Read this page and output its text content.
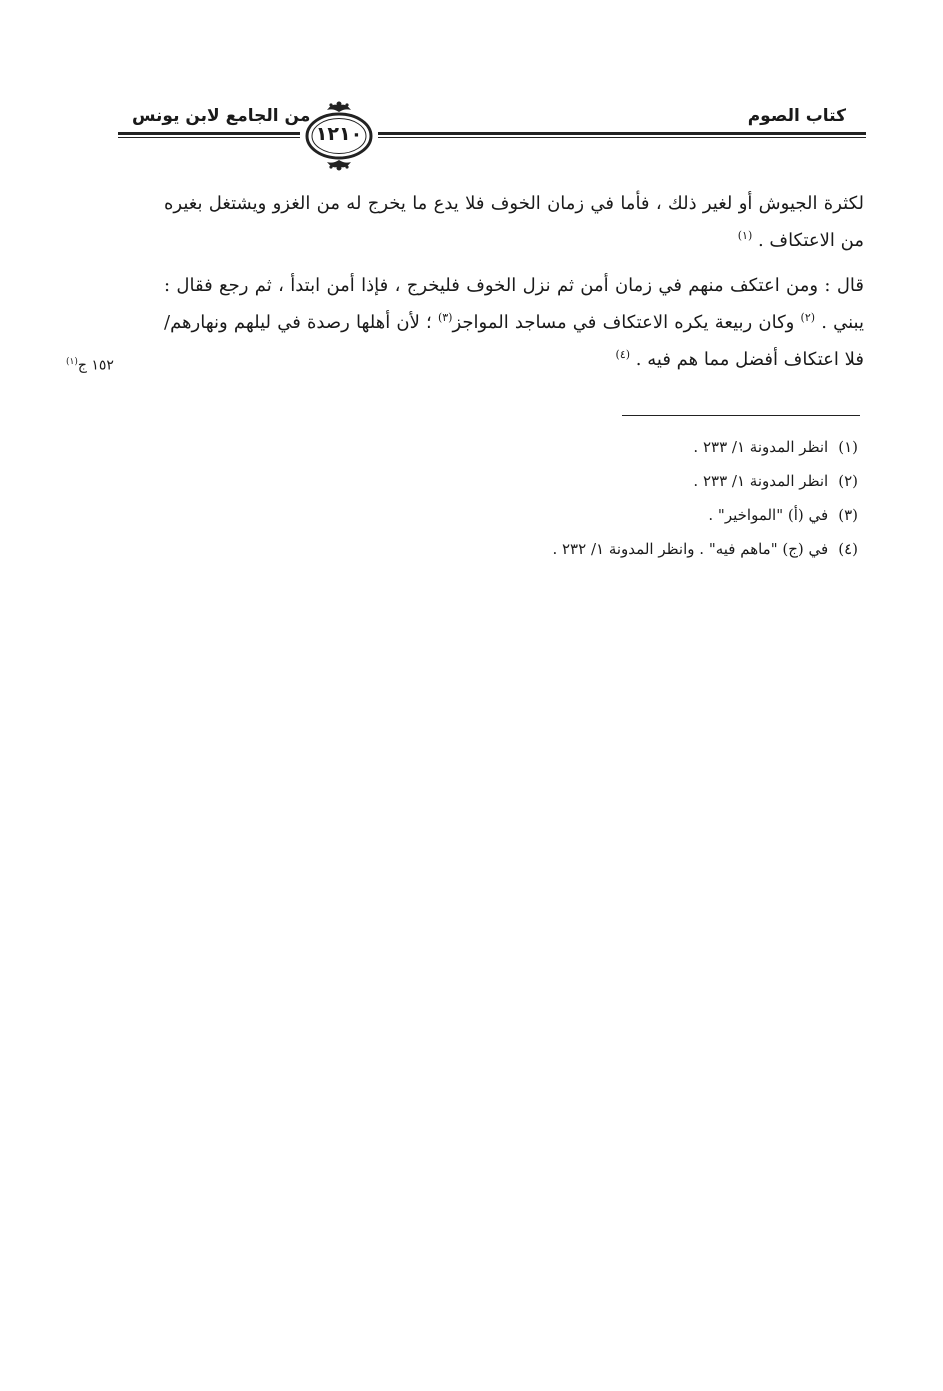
كتاب الصوم
من الجامع لابن يونس
١٢١٠

لكثرة الجيوش أو لغير ذلك ، فأما في زمان الخوف فلا يدع ما يخرج له من الغزو ويشتغل بغيره من الاعتكاف . $^{(١)}$

قال : ومن اعتكف منهم في زمان أمن ثم نزل الخوف فليخرج ، فإذا أمن ابتدأ ، ثم رجع فقال : يبني . $^{(٢)}$ وكان ربيعة يكره الاعتكاف في مساجد المواجز$^{(٣)}$ ؛ لأن أهلها رصدة في ليلهم ونهارهم/ فلا اعتكاف أفضل مما هم فيه . $^{(٤)}$

١٥٢ ج$^{(١)}$
(١)انظر المدونة ١/ ٢٣٣ .
(٢)انظر المدونة ١/ ٢٣٣ .
(٣)في (أ) "المواخير" .
(٤)في (ج) "ماهم فيه" . وانظر المدونة ١/ ٢٣٢ .
